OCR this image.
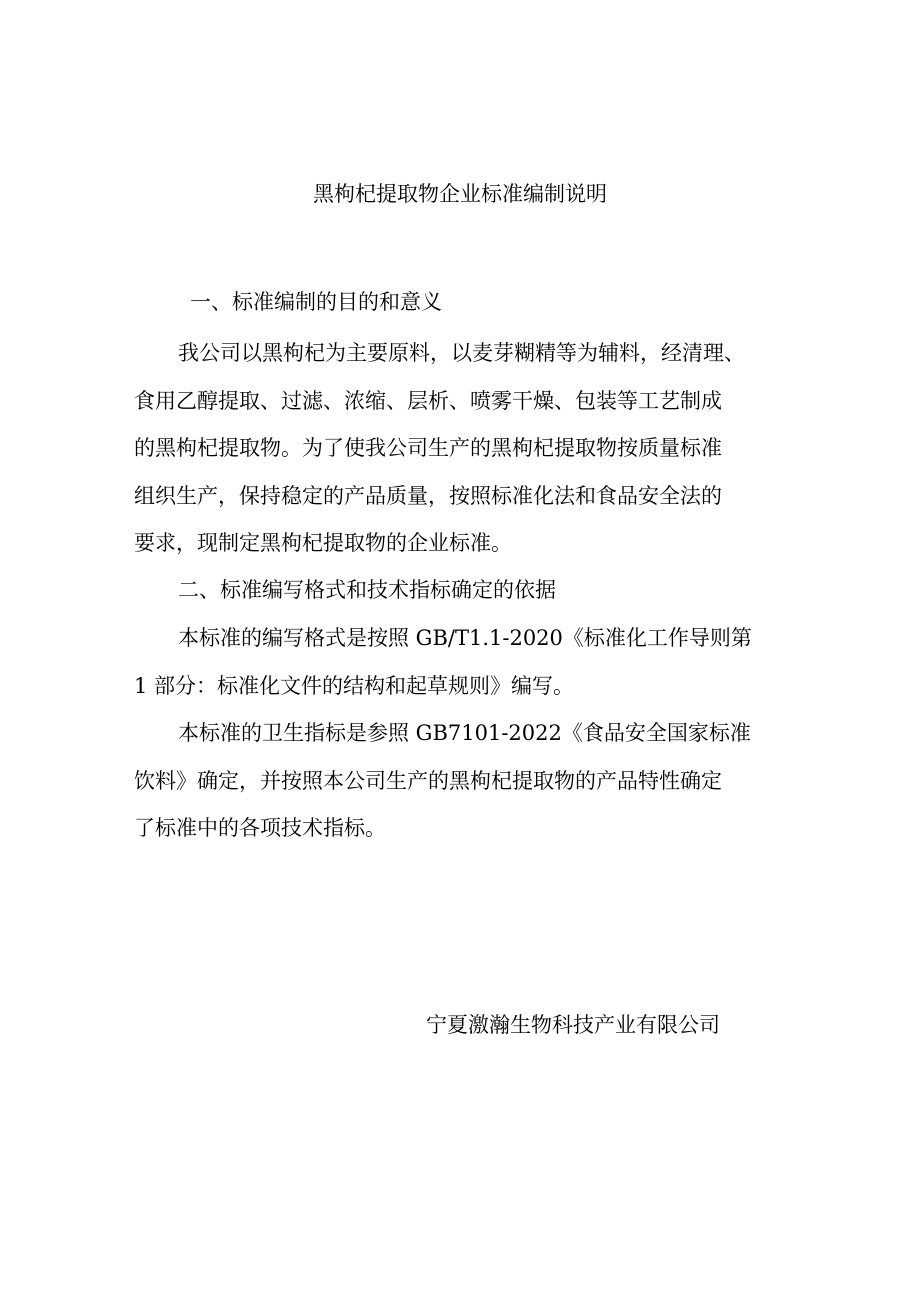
黑枸杞提取物企业标准编制说明
一、标准编制的目的和意义
我公司以黑枸杞为主要原料，以麦芽糊精等为辅料，经清理、
食用乙醇提取、过滤、浓缩、层析、喷雾干燥、包装等工艺制成
的黑枸杞提取物。为了使我公司生产的黑枸杞提取物按质量标准
组织生产，保持稳定的产品质量，按照标准化法和食品安全法的
要求，现制定黑枸杞提取物的企业标准。
二、标准编写格式和技术指标确定的依据
本标准的编写格式是按照 GB/T1.1-2020《标准化工作导则第
1 部分：标准化文件的结构和起草规则》编写。
本标准的卫生指标是参照 GB7101-2022《食品安全国家标准
饮料》确定，并按照本公司生产的黑枸杞提取物的产品特性确定
了标准中的各项技术指标。
宁夏激瀚生物科技产业有限公司
